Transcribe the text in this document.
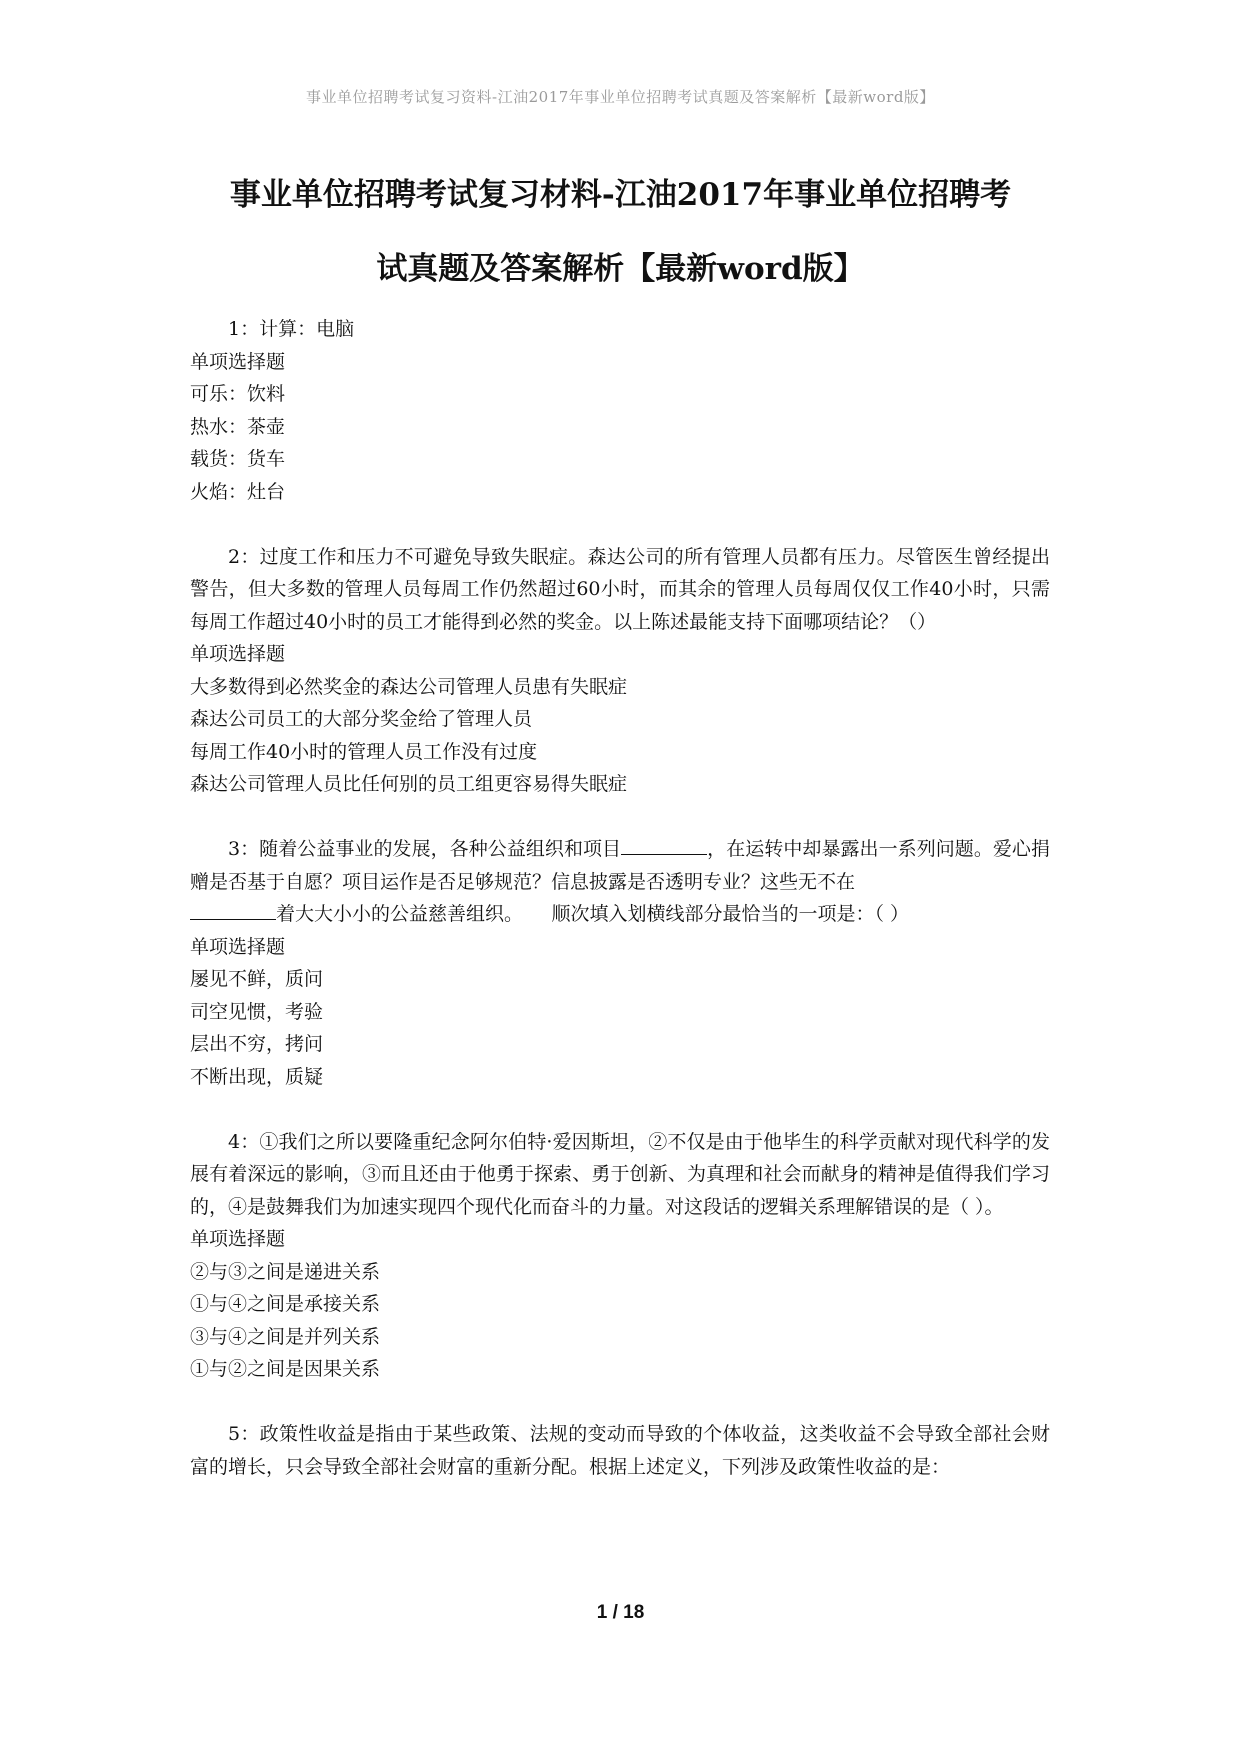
事业单位招聘考试复习资料-江油2017年事业单位招聘考试真题及答案解析【最新word版】
事业单位招聘考试复习材料-江油2017年事业单位招聘考
试真题及答案解析【最新word版】

1：计算：电脑

单项选择题

可乐：饮料

热水：茶壶

载货：货车

火焰：灶台

2：过度工作和压力不可避免导致失眠症。森达公司的所有管理人员都有压力。尽管医生曾经提出警告，但大多数的管理人员每周工作仍然超过60小时，而其余的管理人员每周仅仅工作40小时，只需每周工作超过40小时的员工才能得到必然的奖金。以上陈述最能支持下面哪项结论？（）

单项选择题

大多数得到必然奖金的森达公司管理人员患有失眠症

森达公司员工的大部分奖金给了管理人员

每周工作40小时的管理人员工作没有过度

森达公司管理人员比任何别的员工组更容易得失眠症

3：随着公益事业的发展，各种公益组织和项目	，在运转中却暴露出一系列问题。爱心捐赠是否基于自愿？项目运作是否足够规范？信息披露是否透明专业？这些无不在
着大大小小的公益慈善组织。　　顺次填入划横线部分最恰当的一项是：（ ）

单项选择题

屡见不鲜，质问

司空见惯，考验

层出不穷，拷问

不断出现，质疑

4：①我们之所以要隆重纪念阿尔伯特·爱因斯坦，②不仅是由于他毕生的科学贡献对现代科学的发展有着深远的影响，③而且还由于他勇于探索、勇于创新、为真理和社会而献身的精神是值得我们学习的，④是鼓舞我们为加速实现四个现代化而奋斗的力量。对这段话的逻辑关系理解错误的是（ ）。

单项选择题

②与③之间是递进关系

①与④之间是承接关系

③与④之间是并列关系

①与②之间是因果关系

5：政策性收益是指由于某些政策、法规的变动而导致的个体收益，这类收益不会导致全部社会财富的增长，只会导致全部社会财富的重新分配。根据上述定义，下列涉及政策性收益的是：

1 / 18
